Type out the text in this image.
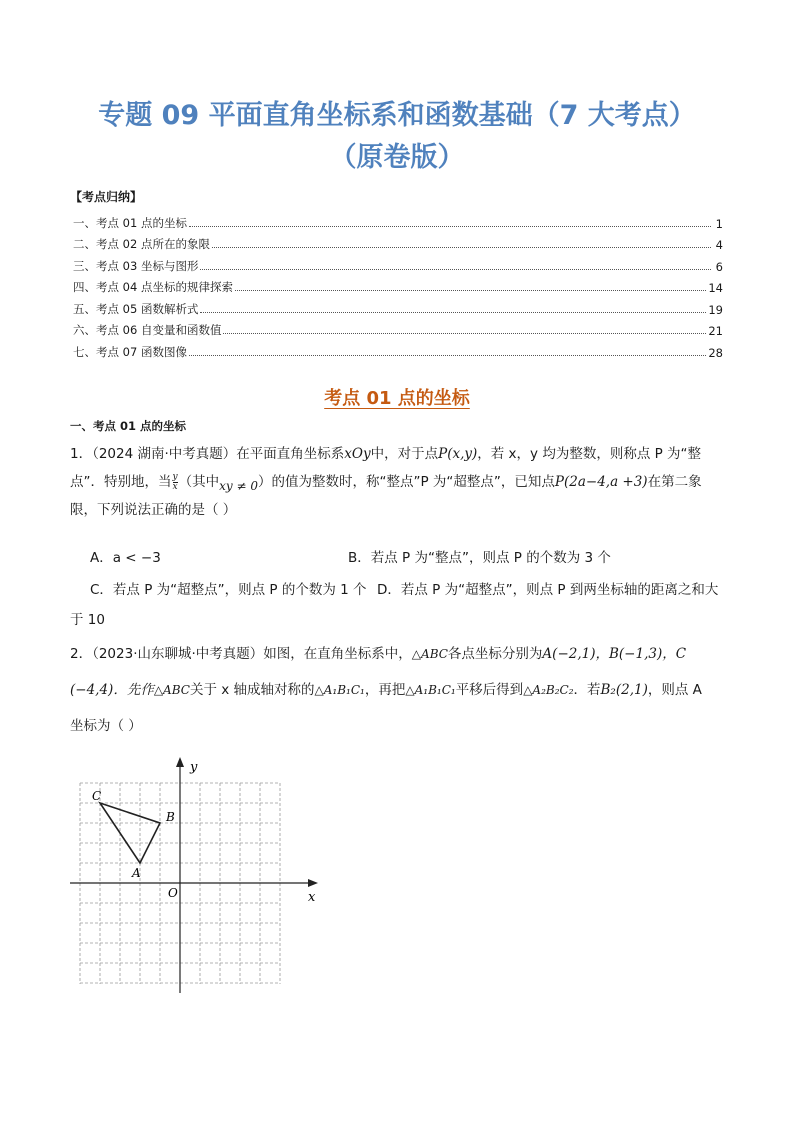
专题 09 平面直角坐标系和函数基础（7 大考点）
（原卷版）
【考点归纳】
一、考点 01 点的坐标	1
二、考点 02 点所在的象限	4
三、考点 03 坐标与图形	6
四、考点 04 点坐标的规律探索	14
五、考点 05 函数解析式	19
六、考点 06 自变量和函数值	21
七、考点 07 函数图像	28
考点 01 点的坐标
一、考点 01 点的坐标
1．（2024 湖南·中考真题）在平面直角坐标系xOy中，对于点P(x,y)，若 x，y 均为整数，则称点 P 为“整
点”．特别地，当 $\frac{y}{x}$ （其中xy ≠ 0）的值为整数时，称“整点”P 为“超整点”，已知点P(2a−4,a +3)在第二象
限，下列说法正确的是（ ）
A．a < −3	B．若点 P 为“整点”，则点 P 的个数为 3 个
C．若点 P 为“超整点”，则点 P 的个数为 1 个 D．若点 P 为“超整点”，则点 P 到两坐标轴的距离之和大
于 10
2．（2023·山东聊城·中考真题）如图，在直角坐标系中，△ABC各点坐标分别为A(−2,1)，B(−1,3)，C
(−4,4)．先作△ABC关于 x 轴成轴对称的△A₁B₁C₁，再把△A₁B₁C₁平移后得到△A₂B₂C₂．若B₂(2,1)，则点 A
坐标为（ ）
x
y
O
A
B
C
